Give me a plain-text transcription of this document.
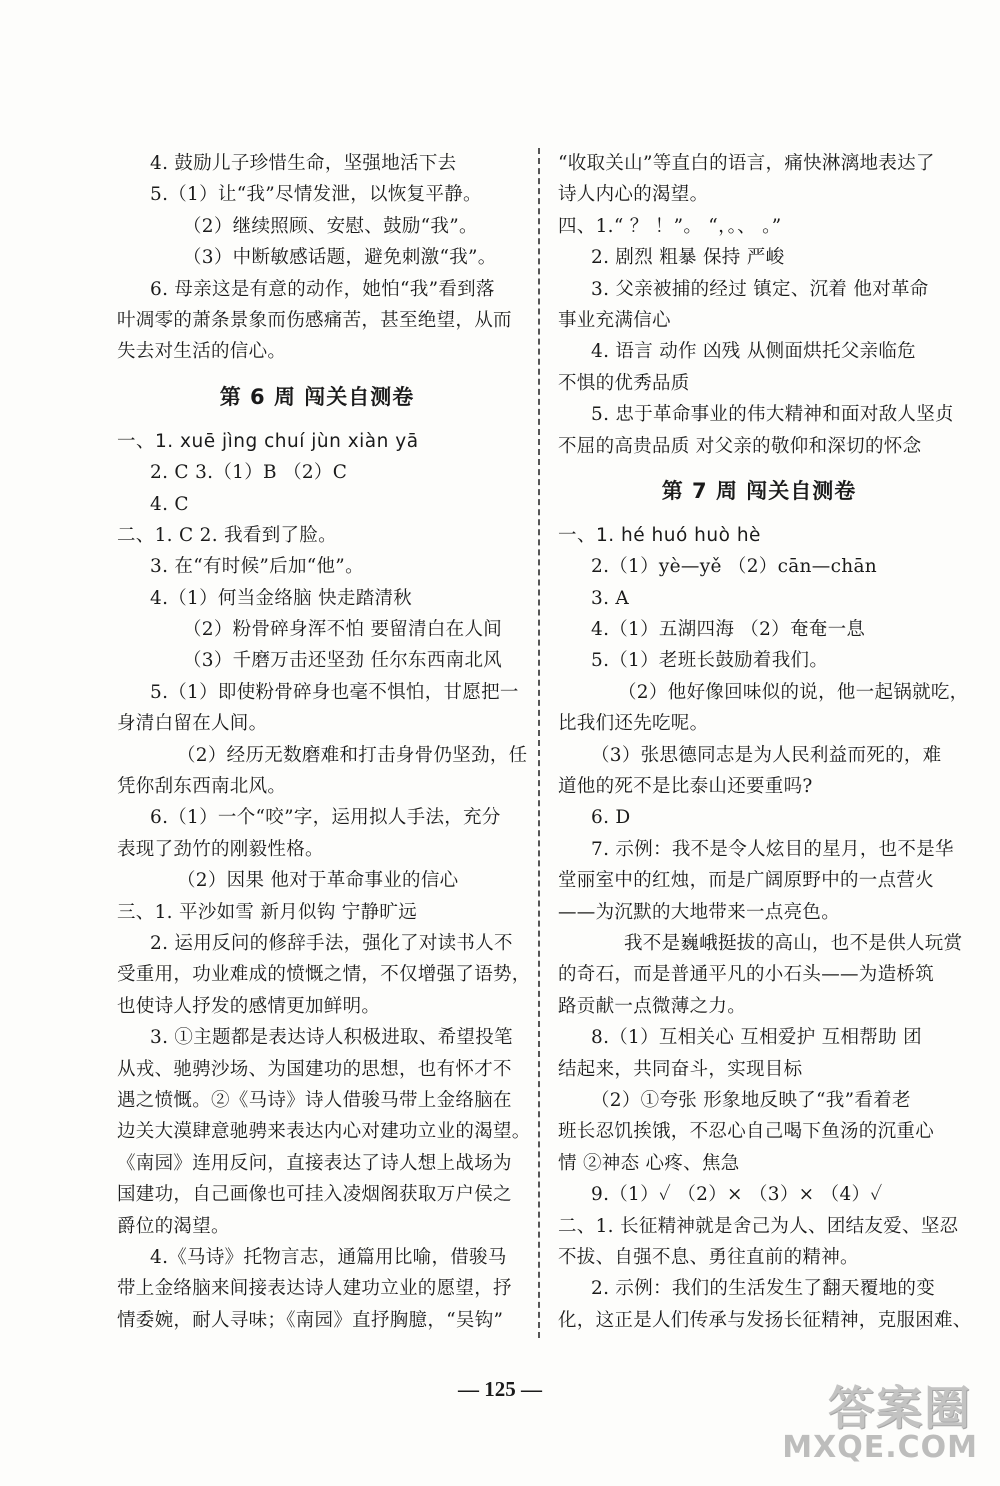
4. 鼓励儿子珍惜生命，坚强地活下去
5.（1）让“我”尽情发泄，以恢复平静。
（2）继续照顾、安慰、鼓励“我”。
（3）中断敏感话题，避免刺激“我”。
6. 母亲这是有意的动作，她怕“我”看到落
叶凋零的萧条景象而伤感痛苦，甚至绝望，从而
失去对生活的信心。
第 6 周 闯关自测卷
一、1. xuē jìng chuí jùn xiàn yā
2. C 3.（1）B （2）C
4. C
二、1. C 2. 我看到了脸。
3. 在“有时候”后加“他”。
4.（1）何当金络脑 快走踏清秋
（2）粉骨碎身浑不怕 要留清白在人间
（3）千磨万击还坚劲 任尔东西南北风
5.（1）即使粉骨碎身也毫不惧怕，甘愿把一
身清白留在人间。
（2）经历无数磨难和打击身骨仍坚劲，任
凭你刮东西南北风。
6.（1）一个“咬”字，运用拟人手法，充分
表现了劲竹的刚毅性格。
（2）因果 他对于革命事业的信心
三、1. 平沙如雪 新月似钩 宁静旷远
2. 运用反问的修辞手法，强化了对读书人不
受重用，功业难成的愤慨之情，不仅增强了语势，
也使诗人抒发的感情更加鲜明。
3. ①主题都是表达诗人积极进取、希望投笔
从戎、驰骋沙场、为国建功的思想，也有怀才不
遇之愤慨。②《马诗》诗人借骏马带上金络脑在
边关大漠肆意驰骋来表达内心对建功立业的渴望。
《南园》连用反问，直接表达了诗人想上战场为
国建功，自己画像也可挂入凌烟阁获取万户侯之
爵位的渴望。
4.《马诗》托物言志，通篇用比喻，借骏马
带上金络脑来间接表达诗人建功立业的愿望，抒
情委婉，耐人寻味；《南园》直抒胸臆，“吴钩”
“收取关山”等直白的语言，痛快淋漓地表达了
诗人内心的渴望。
四、1.“ ？ ！”。 “，。、 。”
2. 剧烈 粗暴 保持 严峻
3. 父亲被捕的经过 镇定、沉着 他对革命
事业充满信心
4. 语言 动作 凶残 从侧面烘托父亲临危
不惧的优秀品质
5. 忠于革命事业的伟大精神和面对敌人坚贞
不屈的高贵品质 对父亲的敬仰和深切的怀念
第 7 周 闯关自测卷
一、1. hé huó huò hè
2.（1）yè—yě （2）cān—chān
3. A
4.（1）五湖四海 （2）奄奄一息
5.（1）老班长鼓励着我们。
（2）他好像回味似的说，他一起锅就吃，
比我们还先吃呢。
（3）张思德同志是为人民利益而死的，难
道他的死不是比泰山还要重吗?
6. D
7. 示例：我不是令人炫目的星月，也不是华
堂丽室中的红烛，而是广阔原野中的一点营火
——为沉默的大地带来一点亮色。
我不是巍峨挺拔的高山，也不是供人玩赏
的奇石，而是普通平凡的小石头——为造桥筑
路贡献一点微薄之力。
8.（1）互相关心 互相爱护 互相帮助 团
结起来，共同奋斗，实现目标
（2）①夸张 形象地反映了“我”看着老
班长忍饥挨饿，不忍心自己喝下鱼汤的沉重心
情 ②神态 心疼、焦急
9.（1）✓ （2）× （3）× （4）✓
二、1. 长征精神就是舍己为人、团结友爱、坚忍
不拔、自强不息、勇往直前的精神。
2. 示例：我们的生活发生了翻天覆地的变
化，这正是人们传承与发扬长征精神，克服困难、
— 125 —	答案圈
MXQE.COM
